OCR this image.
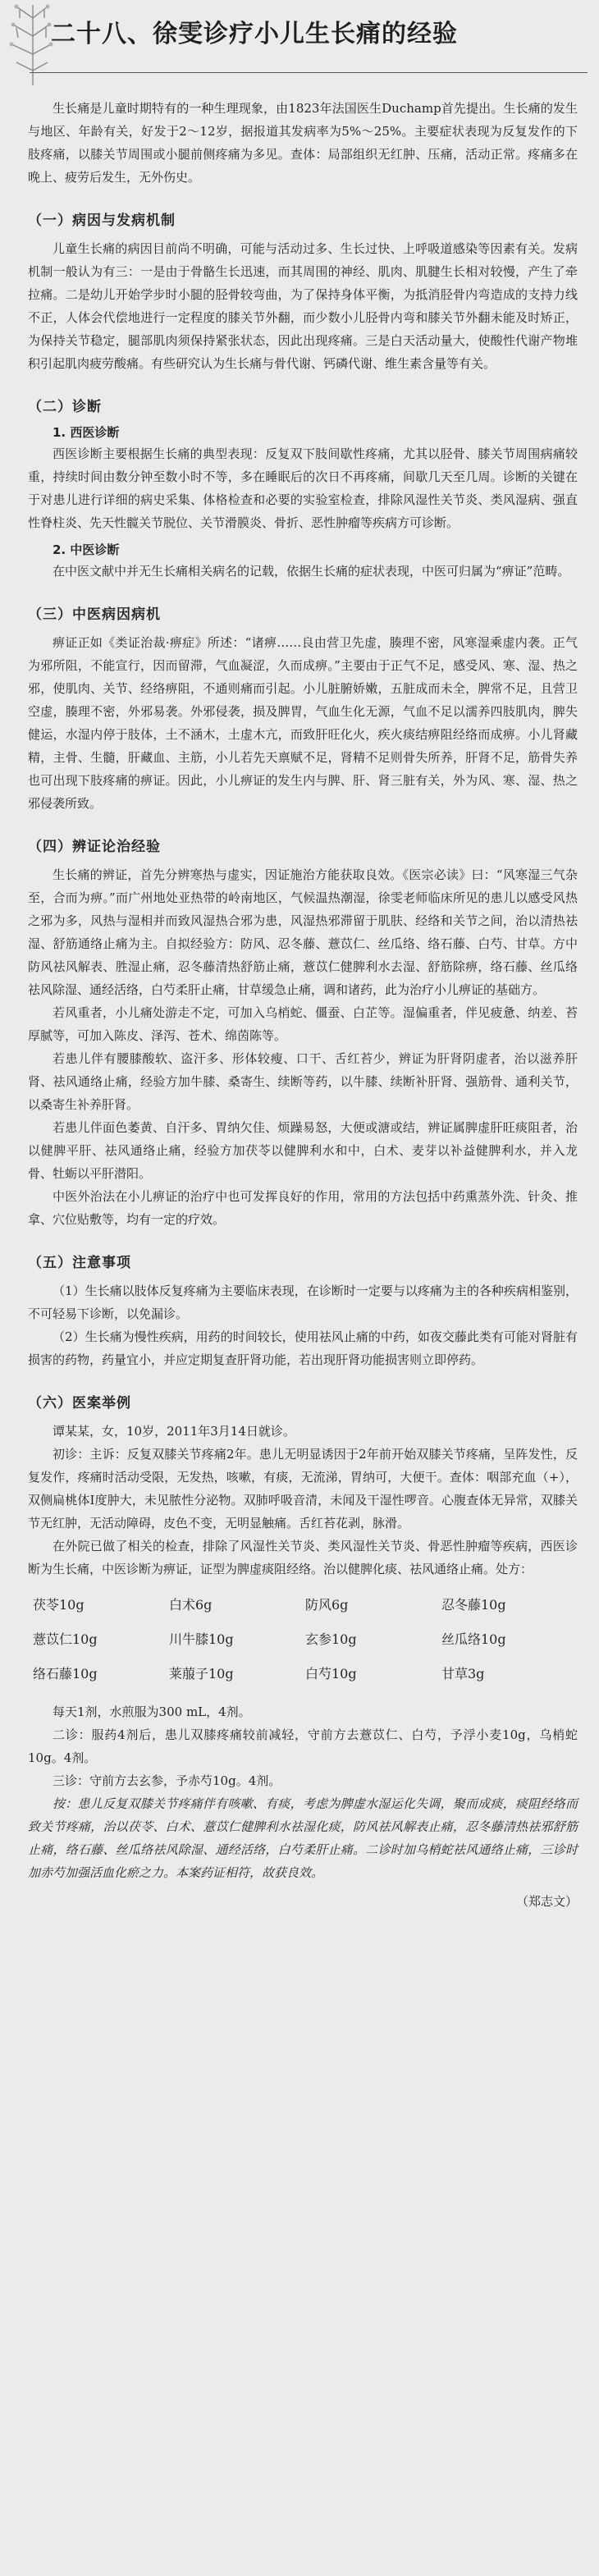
二十八、徐雯诊疗小儿生长痛的经验

生长痛是儿童时期特有的一种生理现象，由1823年法国医生Duchamp首先提出。生长痛的发生与地区、年龄有关，好发于2～12岁，据报道其发病率为5%～25%。主要症状表现为反复发作的下肢疼痛，以膝关节周围或小腿前侧疼痛为多见。查体：局部组织无红肿、压痛，活动正常。疼痛多在晚上、疲劳后发生，无外伤史。

（一）病因与发病机制

儿童生长痛的病因目前尚不明确，可能与活动过多、生长过快、上呼吸道感染等因素有关。发病机制一般认为有三：一是由于骨骼生长迅速，而其周围的神经、肌肉、肌腱生长相对较慢，产生了牵拉痛。二是幼儿开始学步时小腿的胫骨较弯曲，为了保持身体平衡，为抵消胫骨内弯造成的支持力线不正，人体会代偿地进行一定程度的膝关节外翻，而少数小儿胫骨内弯和膝关节外翻未能及时矫正，为保持关节稳定，腿部肌肉须保持紧张状态，因此出现疼痛。三是白天活动量大，使酸性代谢产物堆积引起肌肉疲劳酸痛。有些研究认为生长痛与骨代谢、钙磷代谢、维生素含量等有关。

（二）诊断
1. 西医诊断

西医诊断主要根据生长痛的典型表现：反复双下肢间歇性疼痛，尤其以胫骨、膝关节周围病痛较重，持续时间由数分钟至数小时不等，多在睡眠后的次日不再疼痛，间歇几天至几周。诊断的关键在于对患儿进行详细的病史采集、体格检查和必要的实验室检查，排除风湿性关节炎、类风湿病、强直性脊柱炎、先天性髋关节脱位、关节滑膜炎、骨折、恶性肿瘤等疾病方可诊断。

2. 中医诊断

在中医文献中并无生长痛相关病名的记载，依据生长痛的症状表现，中医可归属为“痹证”范畴。

（三）中医病因病机

痹证正如《类证治裁·痹症》所述：“诸痹……良由营卫先虚，腠理不密，风寒湿乘虚内袭。正气为邪所阻，不能宣行，因而留滞，气血凝涩，久而成痹。”主要由于正气不足，感受风、寒、湿、热之邪，使肌肉、关节、经络痹阻，不通则痛而引起。小儿脏腑娇嫩，五脏成而未全，脾常不足，且营卫空虚，腠理不密，外邪易袭。外邪侵袭，损及脾胃，气血生化无源，气血不足以濡养四肢肌肉，脾失健运，水湿内停于肢体，土不涵木，土虚木亢，而致肝旺化火，疾火痰结痹阻经络而成痹。小儿肾藏精，主骨、生髓，肝藏血、主筋，小儿若先天禀赋不足，肾精不足则骨失所养，肝肾不足，筋骨失养也可出现下肢疼痛的痹证。因此，小儿痹证的发生内与脾、肝、肾三脏有关，外为风、寒、湿、热之邪侵袭所致。

（四）辨证论治经验

生长痛的辨证，首先分辨寒热与虚实，因证施治方能获取良效。《医宗必读》曰：“风寒湿三气杂至，合而为痹。”而广州地处亚热带的岭南地区，气候温热潮湿，徐雯老师临床所见的患儿以感受风热之邪为多，风热与湿相并而致风湿热合邪为患，风湿热邪滞留于肌肤、经络和关节之间，治以清热祛湿、舒筋通络止痛为主。自拟经验方：防风、忍冬藤、薏苡仁、丝瓜络、络石藤、白芍、甘草。方中防风祛风解表、胜湿止痛，忍冬藤清热舒筋止痛，薏苡仁健脾利水去湿、舒筋除痹，络石藤、丝瓜络祛风除湿、通经活络，白芍柔肝止痛，甘草缓急止痛，调和诸药，此为治疗小儿痹证的基础方。

若风重者，小儿痛处游走不定，可加入乌梢蛇、僵蚕、白芷等。湿偏重者，伴见疲惫、纳差、苔厚腻等，可加入陈皮、泽泻、苍术、绵茵陈等。

若患儿伴有腰膝酸软、盗汗多、形体较瘦、口干、舌红苔少，辨证为肝肾阴虚者，治以滋养肝肾、祛风通络止痛，经验方加牛膝、桑寄生、续断等药，以牛膝、续断补肝肾、强筋骨、通利关节，以桑寄生补养肝肾。

若患儿伴面色萎黄、自汗多、胃纳欠佳、烦躁易怒，大便或溏或结，辨证属脾虚肝旺痰阻者，治以健脾平肝、祛风通络止痛，经验方加茯苓以健脾利水和中，白术、麦芽以补益健脾利水，并入龙骨、牡蛎以平肝潜阳。

中医外治法在小儿痹证的治疗中也可发挥良好的作用，常用的方法包括中药熏蒸外洗、针灸、推拿、穴位贴敷等，均有一定的疗效。

（五）注意事项

（1）生长痛以肢体反复疼痛为主要临床表现，在诊断时一定要与以疼痛为主的各种疾病相鉴别，不可轻易下诊断，以免漏诊。

（2）生长痛为慢性疾病，用药的时间较长，使用祛风止痛的中药，如夜交藤此类有可能对肾脏有损害的药物，药量宜小，并应定期复查肝肾功能，若出现肝肾功能损害则立即停药。

（六）医案举例

谭某某，女，10岁，2011年3月14日就诊。

初诊：主诉：反复双膝关节疼痛2年。患儿无明显诱因于2年前开始双膝关节疼痛，呈阵发性，反复发作，疼痛时活动受限，无发热，咳嗽，有痰，无流涕，胃纳可，大便干。查体：咽部充血（+），双侧扁桃体Ⅰ度肿大，未见脓性分泌物。双肺呼吸音清，未闻及干湿性啰音。心腹查体无异常，双膝关节无红肿，无活动障碍，皮色不变，无明显触痛。舌红苔花剥，脉滑。

在外院已做了相关的检查，排除了风湿性关节炎、类风湿性关节炎、骨恶性肿瘤等疾病，西医诊断为生长痛，中医诊断为痹证，证型为脾虚痰阻经络。治以健脾化痰、祛风通络止痛。处方：

茯苓10g	白术6g	防风6g	忍冬藤10g
薏苡仁10g	川牛膝10g	玄参10g	丝瓜络10g
络石藤10g	莱菔子10g	白芍10g	甘草3g

每天1剂，水煎服为300 mL，4剂。

二诊：服药4剂后，患儿双膝疼痛较前减轻，守前方去薏苡仁、白芍，予浮小麦10g，乌梢蛇10g。4剂。

三诊：守前方去玄参，予赤芍10g。4剂。

按：患儿反复双膝关节疼痛伴有咳嗽、有痰，考虑为脾虚水湿运化失调，聚而成痰，痰阻经络而致关节疼痛，治以茯苓、白术、薏苡仁健脾利水祛湿化痰，防风祛风解表止痛，忍冬藤清热祛邪舒筋止痛，络石藤、丝瓜络祛风除湿、通经活络，白芍柔肝止痛。二诊时加乌梢蛇祛风通络止痛，三诊时加赤芍加强活血化瘀之力。本案药证相符，故获良效。

（郑志文）
